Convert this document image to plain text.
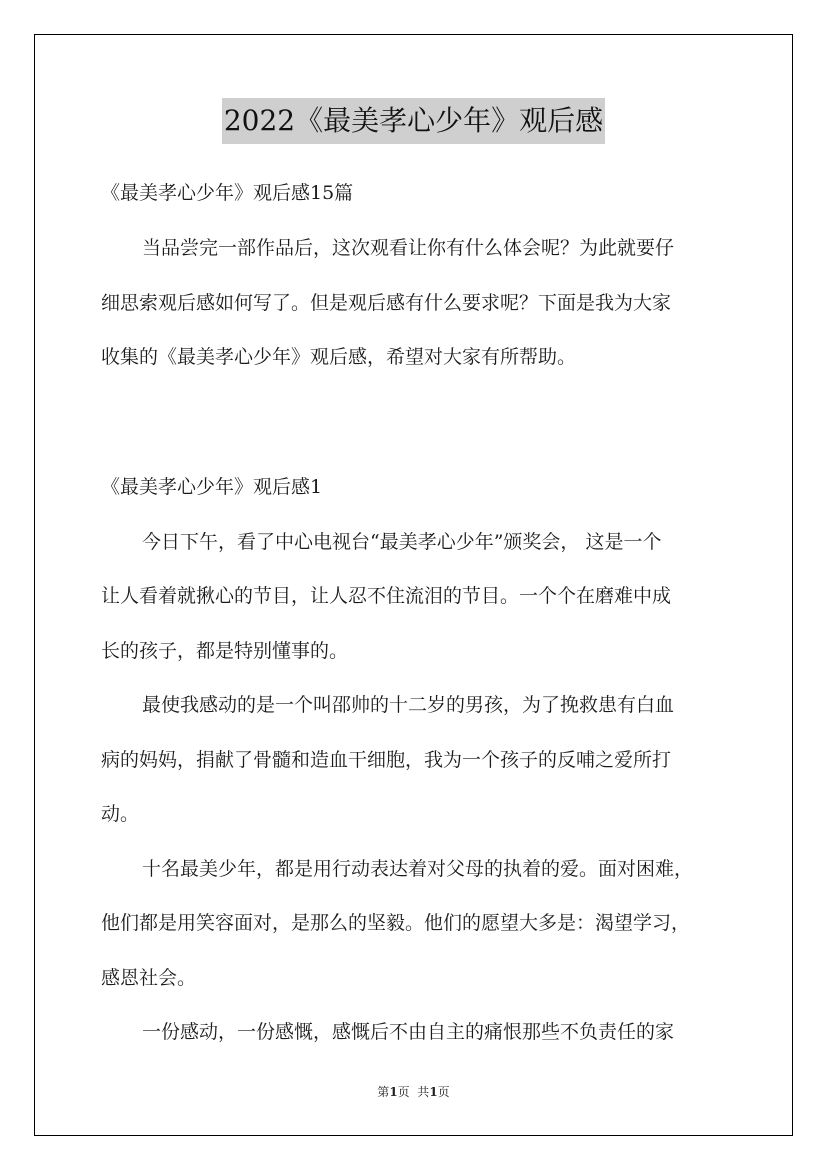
2022《最美孝心少年》观后感
《最美孝心少年》观后感15篇
当品尝完一部作品后，这次观看让你有什么体会呢？为此就要仔
细思索观后感如何写了。但是观后感有什么要求呢？下面是我为大家
收集的《最美孝心少年》观后感，希望对大家有所帮助。
《最美孝心少年》观后感1
今日下午，看了中心电视台“最美孝心少年”颁奖会， 这是一个
让人看着就揪心的节目，让人忍不住流泪的节目。一个个在磨难中成
长的孩子，都是特别懂事的。
最使我感动的是一个叫邵帅的十二岁的男孩，为了挽救患有白血
病的妈妈，捐献了骨髓和造血干细胞，我为一个孩子的反哺之爱所打
动。
十名最美少年，都是用行动表达着对父母的执着的爱。面对困难，
他们都是用笑容面对，是那么的坚毅。他们的愿望大多是：渴望学习，
感恩社会。
一份感动，一份感慨，感慨后不由自主的痛恨那些不负责任的家
第1页  共1页
